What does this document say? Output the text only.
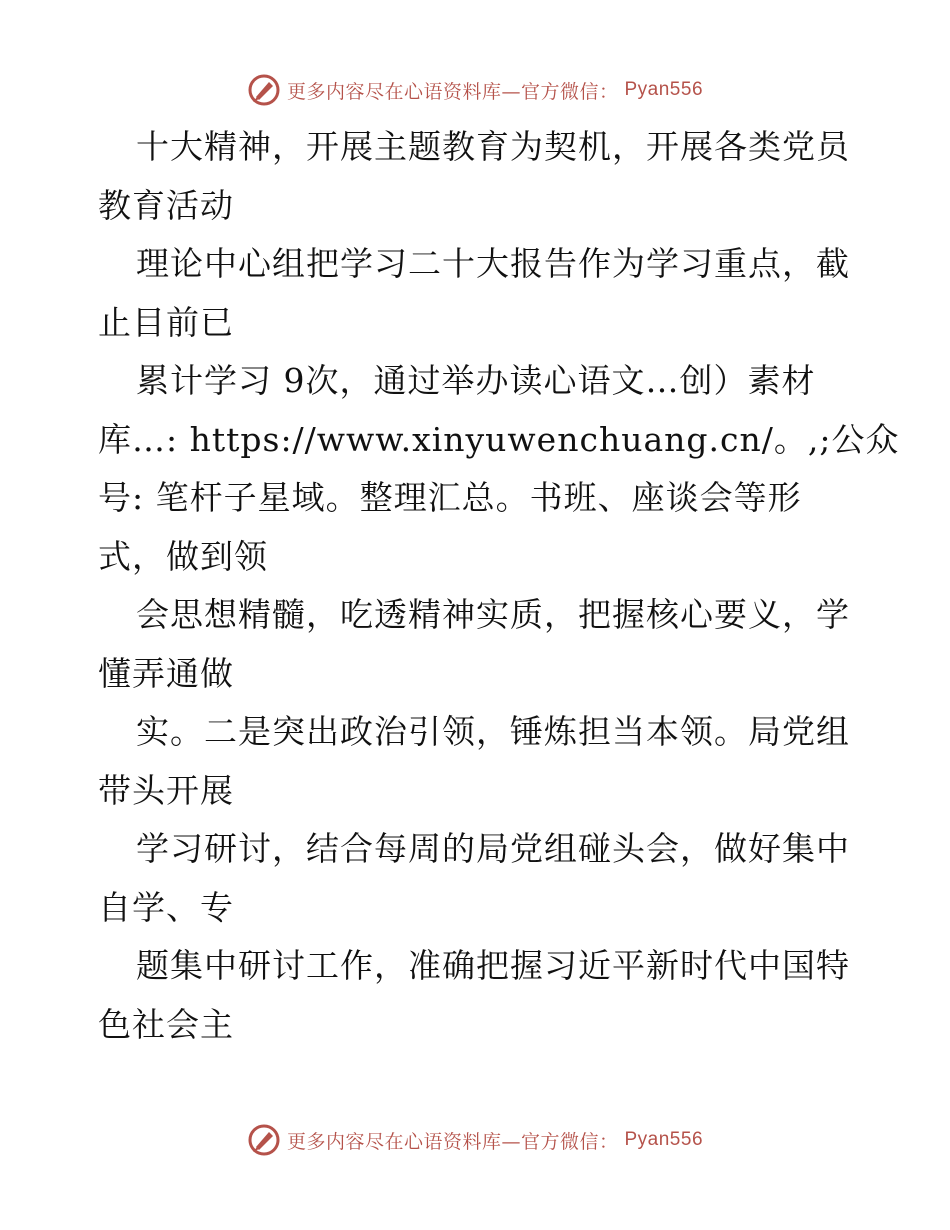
更多内容尽在心语资料库—官方微信： Pyan556
十大精神，开展主题教育为契机，开展各类党员
教育活动
理论中心组把学习二十大报告作为学习重点，截
止目前已
累计学习 9次，通过举办读心语文…创）素材
库…: https://www.xinyuwenchuang.cn/。,;公众
号: 笔杆子星域。整理汇总。书班、座谈会等形
式，做到领
会思想精髓，吃透精神实质，把握核心要义，学
懂弄通做
实。二是突出政治引领，锤炼担当本领。局党组
带头开展
学习研讨，结合每周的局党组碰头会，做好集中
自学、专
题集中研讨工作，准确把握习近平新时代中国特
色社会主
更多内容尽在心语资料库—官方微信： Pyan556
